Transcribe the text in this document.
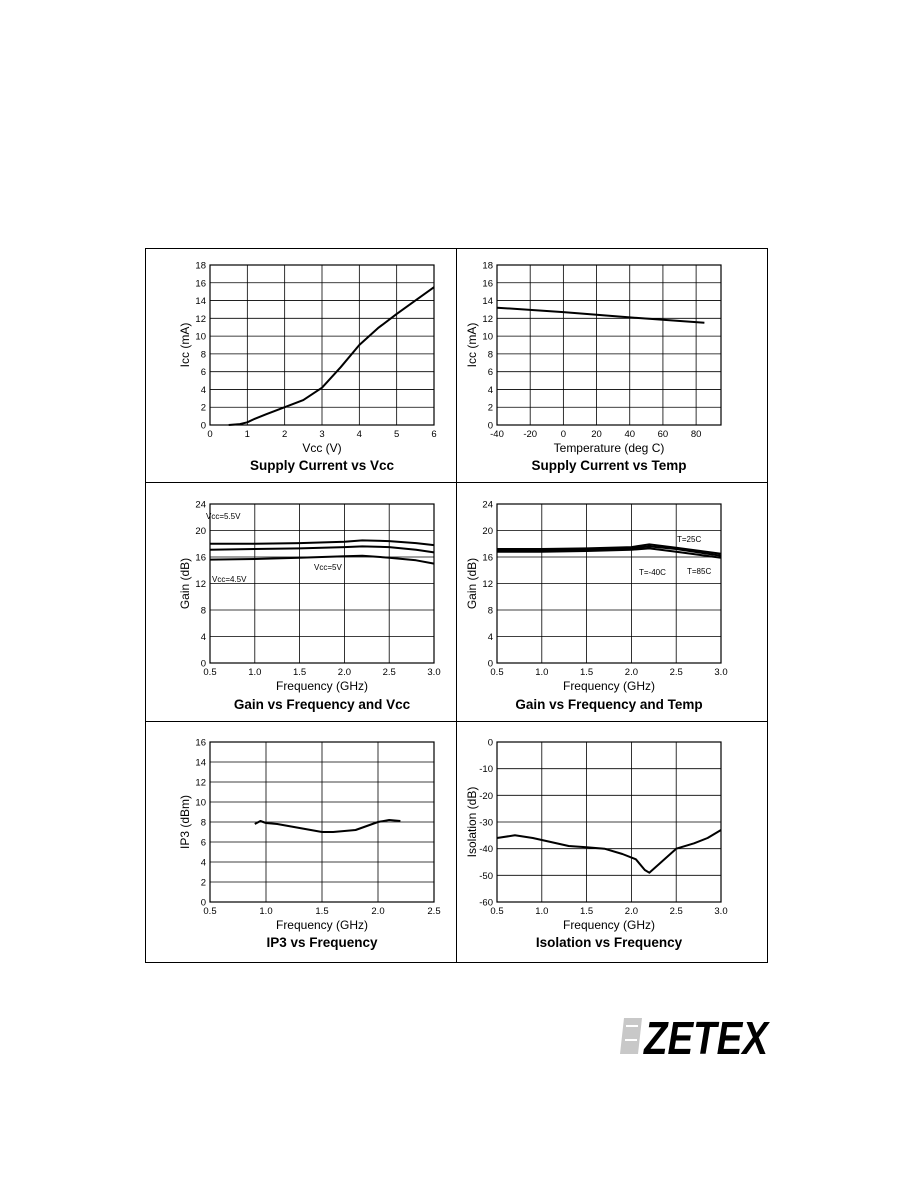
0	1	2	3	4	5	6
0
2
4
6
8
10
12
14
16
18
Vcc (V)
Icc (mA)
Supply Current vs Vcc
-40 -20 0	20 40 60 80
0
2
4
6
8
10
12
14
16
18
Temperature (deg C)
Icc (mA)
Supply Current vs Temp
0.5	1.0	1.5	2.0	2.5	3.0
0
4
8
12
16
20
24
Frequency (GHz)
Gain (dB)
Vcc=5.5V
Vcc=5V
Vcc=4.5V
Gain vs Frequency and Vcc
0.5	1.0	1.5	2.0	2.5	3.0
0
4
8
12
16
20
24
Frequency (GHz)
Gain (dB)
T=25C
T=-40C	T=85C
Gain vs Frequency and Temp
0.5	1.0	1.5	2.0	2.5
0
2
4
6
8
10
12
14
16
Frequency (GHz)
IP3 (dBm)
IP3 vs Frequency
0.5	1.0	1.5	2.0	2.5	3.0
0
-10
-20
-30
-40
-50
-60
Frequency (GHz)
Isolation (dB)
Isolation vs Frequency
ZETEX
